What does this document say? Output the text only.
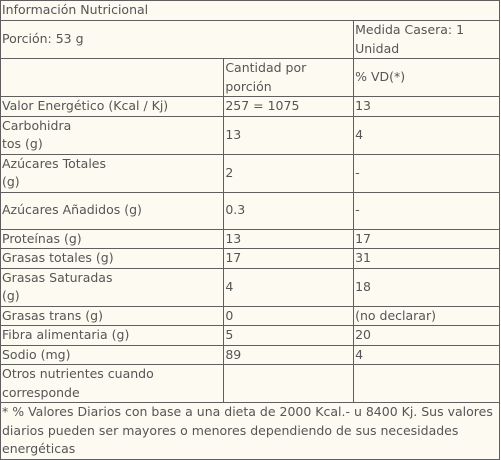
Información Nutricional		
Porción: 53 g		Medida Casera: 1 Unidad
	Cantidad por porción	% VD(*)
Valor Energético (Kcal / Kj)	257 = 1075	13
Carbohidratos (g)	13	4
Azúcares Totales (g)	2	-
Azúcares Añadidos (g)	0.3	-
Proteínas (g)	13	17
Grasas totales (g)	17	31
Grasas Saturadas (g)	4	18
Grasas trans (g)	0	(no declarar)
Fibra alimentaria (g)	5	20
Sodio (mg)	89	4
Otros nutrientes cuando corresponde		
* % Valores Diarios con base a una dieta de 2000 Kcal.- u 8400 Kj. Sus valores diarios pueden ser mayores o menores dependiendo de sus necesidades energéticas		
